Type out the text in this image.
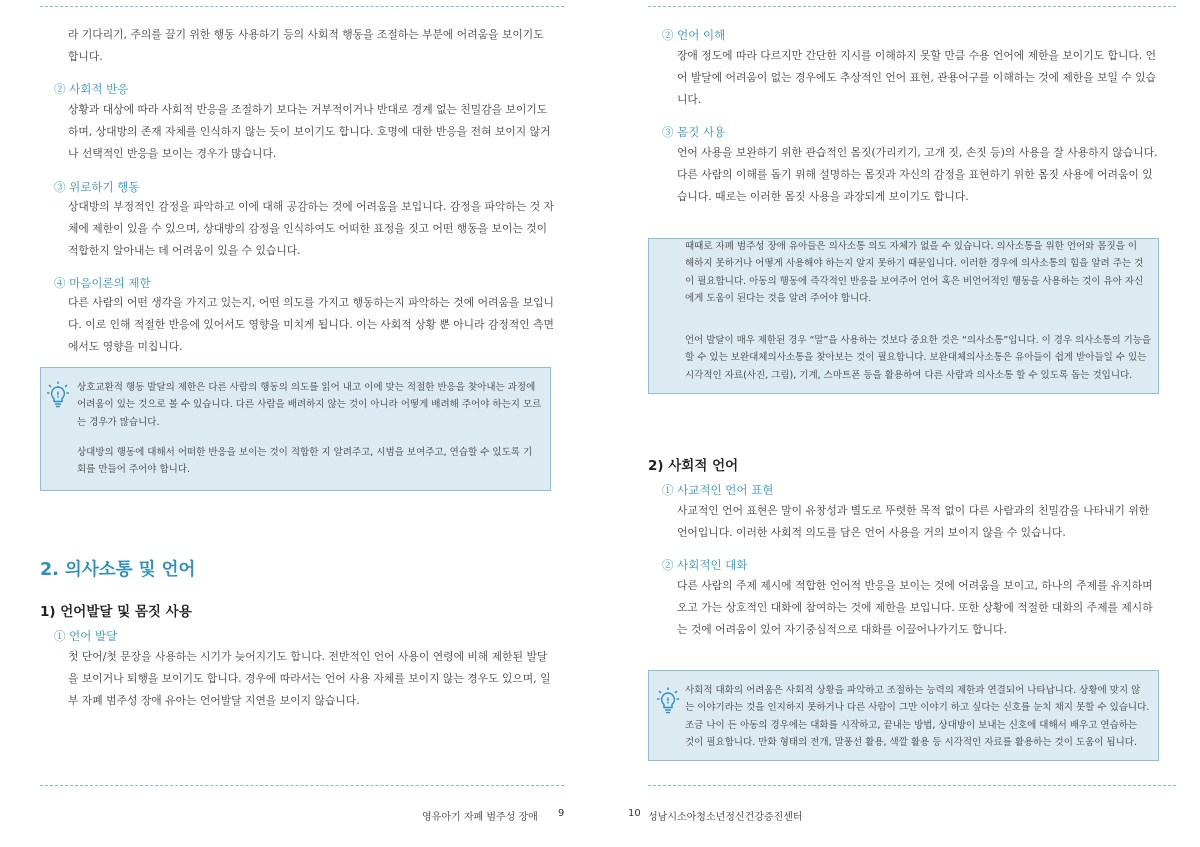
라 기다리기, 주의를 끌기 위한 행동 사용하기 등의 사회적 행동을 조절하는 부분에 어려움을 보이기도
합니다.
② 사회적 반응
상황과 대상에 따라 사회적 반응을 조절하기 보다는 거부적이거나 반대로 경계 없는 친밀감을 보이기도
하며, 상대방의 존재 자체를 인식하지 않는 듯이 보이기도 합니다. 호명에 대한 반응을 전혀 보이지 않거
나 선택적인 반응을 보이는 경우가 많습니다.
③ 위로하기 행동
상대방의 부정적인 감정을 파악하고 이에 대해 공감하는 것에 어려움을 보입니다. 감정을 파악하는 것 자
체에 제한이 있을 수 있으며, 상대방의 감정을 인식하여도 어떠한 표정을 짓고 어떤 행동을 보이는 것이
적합한지 알아내는 데 어려움이 있을 수 있습니다.
④ 마음이론의 제한
다른 사람의 어떤 생각을 가지고 있는지, 어떤 의도를 가지고 행동하는지 파악하는 것에 어려움을 보입니
다. 이로 인해 적절한 반응에 있어서도 영향을 미치게 됩니다. 이는 사회적 상황 뿐 아니라 감정적인 측면
에서도 영향을 미칩니다.
!
상호교환적 행동 발달의 제한은 다른 사람의 행동의 의도를 읽어 내고 이에 맞는 적절한 반응을 찾아내는 과정에
어려움이 있는 것으로 볼 수 있습니다. 다른 사람을 배려하지 않는 것이 아니라 어떻게 배려해 주어야 하는지 모르
는 경우가 많습니다.
상대방의 행동에 대해서 어떠한 반응을 보이는 것이 적합한 지 알려주고, 시범을 보여주고, 연습할 수 있도록 기
회를 만들어 주어야 합니다.
2. 의사소통 및 언어
1) 언어발달 및 몸짓 사용
① 언어 발달
첫 단어/첫 문장을 사용하는 시기가 늦어지기도 합니다. 전반적인 언어 사용이 연령에 비해 제한된 발달
을 보이거나 퇴행을 보이기도 합니다. 경우에 따라서는 언어 사용 자체를 보이지 않는 경우도 있으며, 일
부 자폐 범주성 장애 유아는 언어발달 지연을 보이지 않습니다.
영유아기 자폐 범주성 장애 9
② 언어 이해
장애 정도에 따라 다르지만 간단한 지시를 이해하지 못할 만큼 수용 언어에 제한을 보이기도 합니다. 언
어 발달에 어려움이 없는 경우에도 추상적인 언어 표현, 관용어구를 이해하는 것에 제한을 보일 수 있습
니다.
③ 몸짓 사용
언어 사용을 보완하기 위한 관습적인 몸짓(가리키기, 고개 짓, 손짓 등)의 사용을 잘 사용하지 않습니다.
다른 사람의 이해를 돕기 위해 설명하는 몸짓과 자신의 감정을 표현하기 위한 몸짓 사용에 어려움이 있
습니다. 때로는 이러한 몸짓 사용을 과장되게 보이기도 합니다.
때때로 자폐 범주성 장애 유아들은 의사소통 의도 자체가 없을 수 있습니다. 의사소통을 위한 언어와 몸짓을 이
해하지 못하거나 어떻게 사용해야 하는지 알지 못하기 때문입니다. 이러한 경우에 의사소통의 힘을 알려 주는 것
이 필요합니다. 아동의 행동에 즉각적인 반응을 보여주어 언어 혹은 비언어적인 행동을 사용하는 것이 유아 자신
에게 도움이 된다는 것을 알려 주어야 합니다.
언어 발달이 매우 제한된 경우 “말”을 사용하는 것보다 중요한 것은 “의사소통”입니다. 이 경우 의사소통의 기능을
할 수 있는 보완대체의사소통을 찾아보는 것이 필요합니다. 보완대체의사소통은 유아들이 쉽게 받아들일 수 있는
시각적인 자료(사진, 그림), 기계, 스마트폰 등을 활용하여 다른 사람과 의사소통 할 수 있도록 돕는 것입니다.
2) 사회적 언어
① 사교적인 언어 표현
사교적인 언어 표현은 말이 유창성과 별도로 뚜렷한 목적 없이 다른 사람과의 친밀감을 나타내기 위한
언어입니다. 이러한 사회적 의도를 담은 언어 사용을 거의 보이지 않을 수 있습니다.
② 사회적인 대화
다른 사람의 주제 제시에 적합한 언어적 반응을 보이는 것에 어려움을 보이고, 하나의 주제를 유지하며
오고 가는 상호적인 대화에 참여하는 것에 제한을 보입니다. 또한 상황에 적절한 대화의 주제를 제시하
는 것에 어려움이 있어 자기중심적으로 대화를 이끌어나가기도 합니다.
!
사회적 대화의 어려움은 사회적 상황을 파악하고 조절하는 능력의 제한과 연결되어 나타납니다. 상황에 맞지 않
는 이야기라는 것을 인지하지 못하거나 다른 사람이 그만 이야기 하고 싶다는 신호를 눈치 채지 못할 수 있습니다.
조금 나이 든 아동의 경우에는 대화를 시작하고, 끝내는 방법, 상대방이 보내는 신호에 대해서 배우고 연습하는
것이 필요합니다. 만화 형태의 전개, 말풍선 활용, 색깔 활용 등 시각적인 자료를 활용하는 것이 도움이 됩니다.
10 성남시소아청소년정신건강증진센터
